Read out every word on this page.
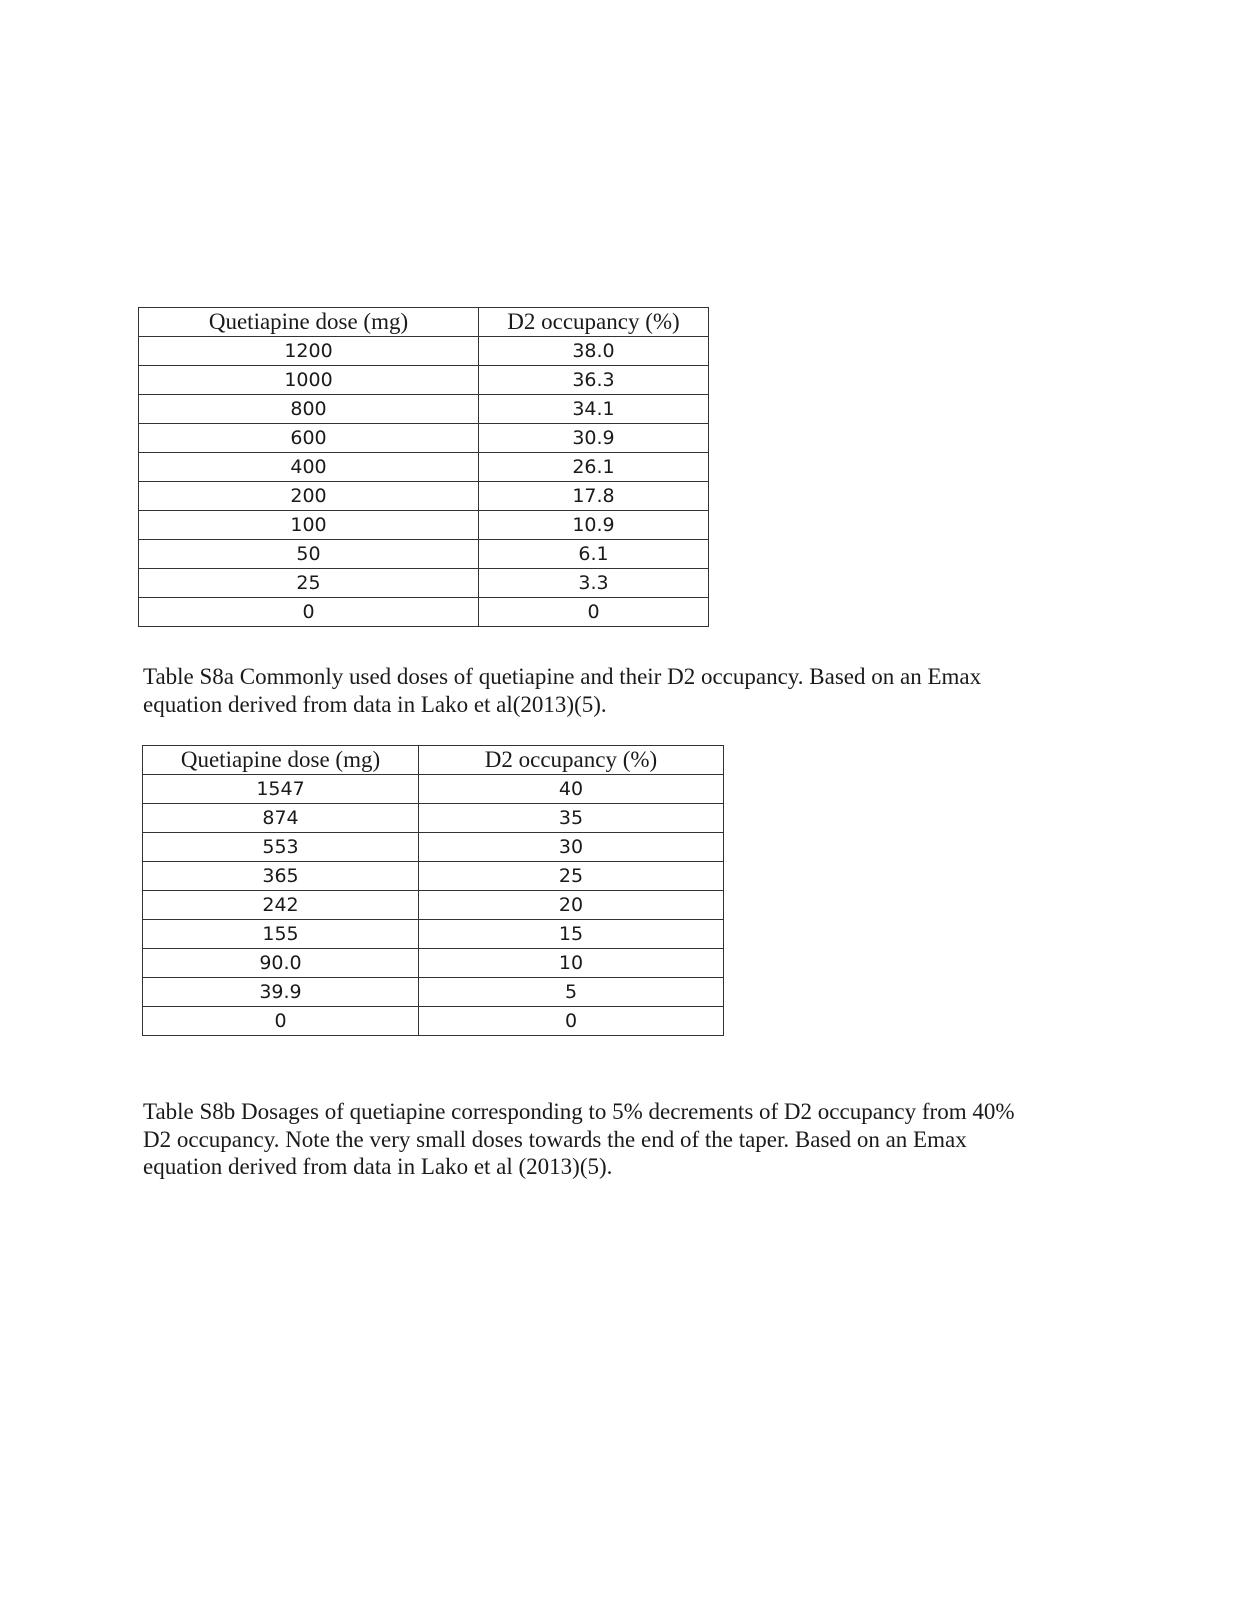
Quetiapine dose (mg)	D2 occupancy (%)
1200	38.0
1000	36.3
800	34.1
600	30.9
400	26.1
200	17.8
100	10.9
50	6.1
25	3.3
0	0

Table S8a Commonly used doses of quetiapine and their D2 occupancy. Based on an Emax
equation derived from data in Lako et al(2013)(5).

Quetiapine dose (mg)	D2 occupancy (%)
1547	40
874	35
553	30
365	25
242	20
155	15
90.0	10
39.9	5
0	0

Table S8b Dosages of quetiapine corresponding to 5% decrements of D2 occupancy from 40%
D2 occupancy. Note the very small doses towards the end of the taper. Based on an Emax
equation derived from data in Lako et al (2013)(5).
